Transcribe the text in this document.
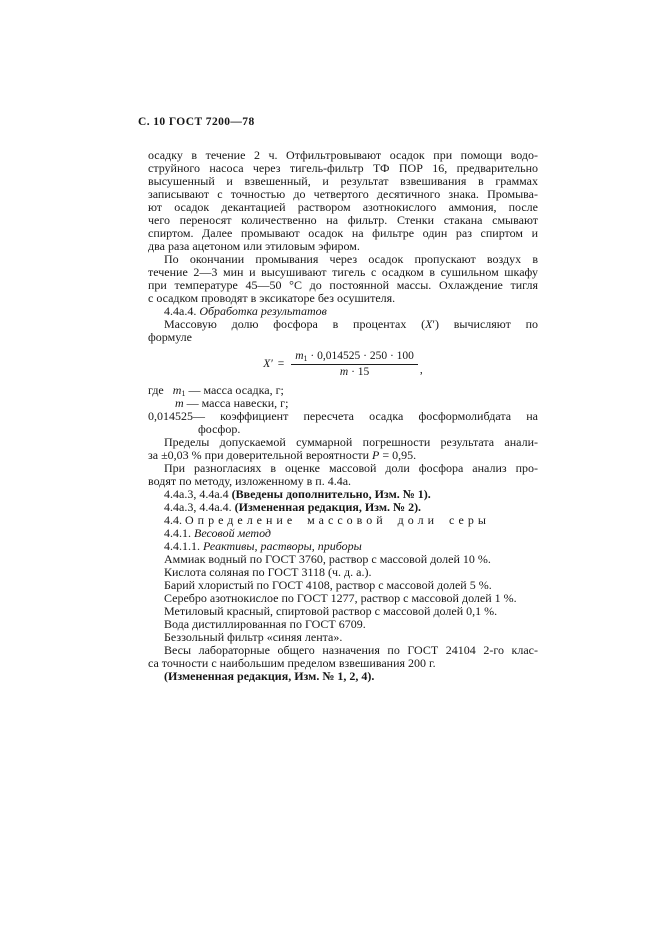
С. 10 ГОСТ 7200—78
осадку в течение 2 ч. Отфильтровывают осадок при помощи водо-
струйного насоса через тигель-фильтр ТФ ПОР 16, предварительно
высушенный и взвешенный, и результат взвешивания в граммах
записывают с точностью до четвертого десятичного знака. Промыва-
ют осадок декантацией раствором азотнокислого аммония, после
чего переносят количественно на фильтр. Стенки стакана смывают
спиртом. Далее промывают осадок на фильтре один раз спиртом и
два раза ацетоном или этиловым эфиром.
По окончании промывания через осадок пропускают воздух в
течение 2—3 мин и высушивают тигель с осадком в сушильном шкафу
при температуре 45—50 °С до постоянной массы. Охлаждение тигля
с осадком проводят в эксикаторе без осушителя.
4.4а.4. Обработка результатов
Массовую долю фосфора в процентах (X′) вычисляют по
формуле
$X' = \frac{m_1 \cdot 0,014525 \cdot 250 \cdot 100}{m \cdot 15}$ ,
где   $m_1$ — масса осадка, г;
m — масса навески, г;
0,014525— коэффициент пересчета осадка фосформолибдата на
фосфор.
Пределы допускаемой суммарной погрешности результата анали-
за ±0,03 % при доверительной вероятности P = 0,95.
При разногласиях в оценке массовой доли фосфора анализ про-
водят по методу, изложенному в п. 4.4а.
4.4а.3, 4.4а.4 (Введены дополнительно, Изм. № 1).
4.4а.3, 4.4а.4. (Измененная редакция, Изм. № 2).
4.4. Определение массовой доли серы
4.4.1. Весовой метод
4.4.1.1. Реактивы, растворы, приборы
Аммиак водный по ГОСТ 3760, раствор с массовой долей 10 %.
Кислота соляная по ГОСТ 3118 (ч. д. а.).
Барий хлористый по ГОСТ 4108, раствор с массовой долей 5 %.
Серебро азотнокислое по ГОСТ 1277, раствор с массовой долей 1 %.
Метиловый красный, спиртовой раствор с массовой долей 0,1 %.
Вода дистиллированная по ГОСТ 6709.
Беззольный фильтр «синяя лента».
Весы лабораторные общего назначения по ГОСТ 24104 2-го клас-
са точности с наибольшим пределом взвешивания 200 г.
(Измененная редакция, Изм. № 1, 2, 4).
